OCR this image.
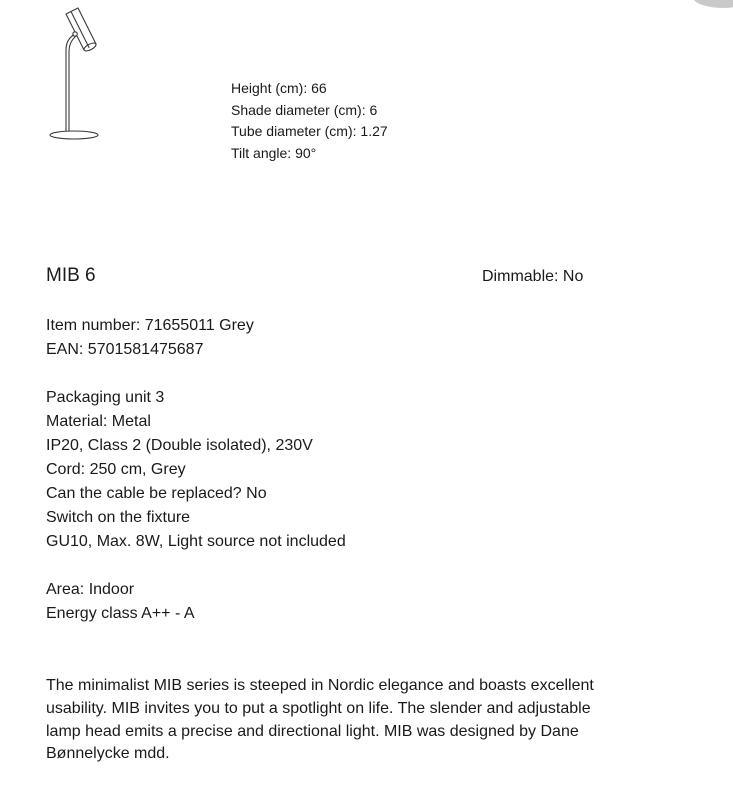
Height (cm): 66
Shade diameter (cm): 6
Tube diameter (cm): 1.27
Tilt angle: 90°
MIB 6	Dimmable: No
Item number: 71655011 Grey
EAN: 5701581475687
Packaging unit 3
Material: Metal
IP20, Class 2 (Double isolated), 230V
Cord: 250 cm, Grey
Can the cable be replaced? No
Switch on the fixture
GU10, Max. 8W, Light source not included
Area: Indoor
Energy class A++ - A
The minimalist MIB series is steeped in Nordic elegance and boasts excellent usability. MIB invites you to put a spotlight on life. The slender and adjustable lamp head emits a precise and directional light. MIB was designed by Dane Bønnelycke mdd.
